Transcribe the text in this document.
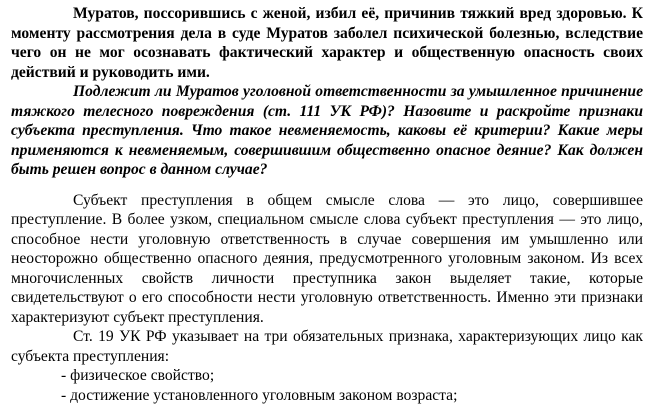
Муратов, поссорившись с женой, избил её, причинив тяжкий вред здоровью. К моменту рассмотрения дела в суде Муратов заболел психической болезнью, вследствие чего он не мог осознавать фактический характер и общественную опасность своих действий и руководить ими.

Подлежит ли Муратов уголовной ответственности за умышленное причинение тяжкого телесного повреждения (ст. 111 УК РФ)? Назовите и раскройте признаки субъекта преступления. Что такое невменяемость, каковы её критерии? Какие меры применяются к невменяемым, совершившим общественно опасное деяние? Как должен быть решен вопрос в данном случае?

Субъект преступления в общем смысле слова — это лицо, совершившее преступление. В более узком, специальном смысле слова субъект преступления — это лицо, способное нести уголовную ответственность в случае совершения им умышленно или неосторожно общественно опасного деяния, предусмотренного уголовным законом. Из всех многочисленных свойств личности преступника закон выделяет такие, которые свидетельствуют о его способности нести уголовную ответственность. Именно эти признаки характеризуют субъект преступления.

Ст. 19 УК РФ указывает на три обязательных признака, характеризующих лицо как субъекта преступления:

- физическое свойство;

- достижение установленного уголовным законом возраста;
